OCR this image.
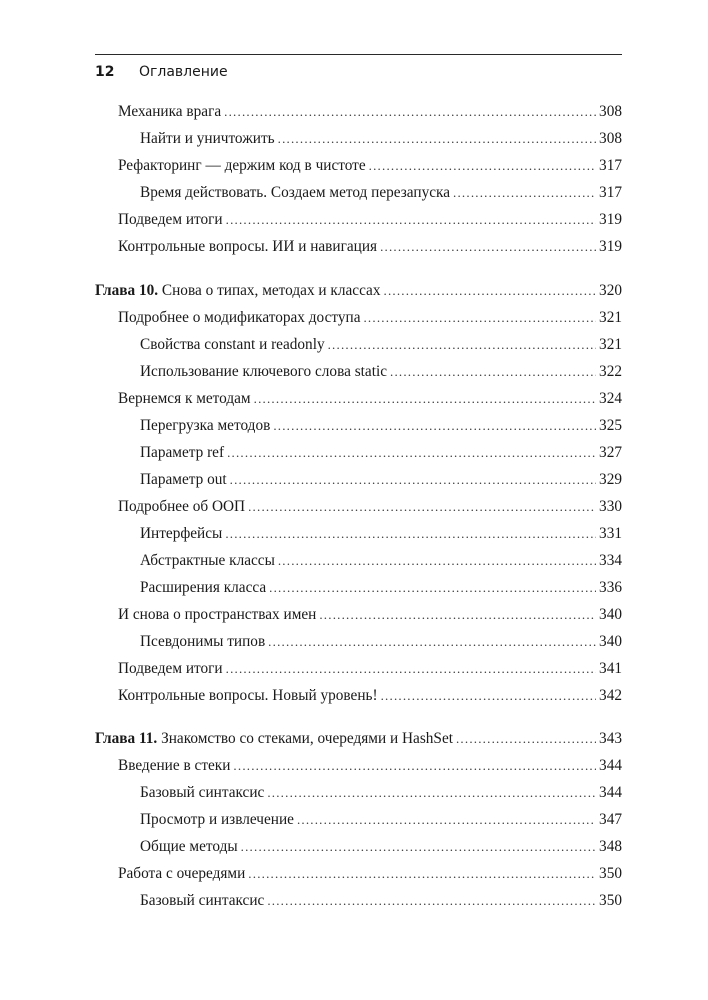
12	Оглавление
Механика врага .....	308
Найти и уничтожить .....	308
Рефакторинг — держим код в чистоте .....	317
Время действовать. Создаем метод перезапуска .....	317
Подведем итоги .....	319
Контрольные вопросы. ИИ и навигация .....	319
Глава 10. Снова о типах, методах и классах .....	320
Подробнее о модификаторах доступа .....	321
Свойства constant и readonly .....	321
Использование ключевого слова static .....	322
Вернемся к методам .....	324
Перегрузка методов .....	325
Параметр ref .....	327
Параметр out .....	329
Подробнее об ООП .....	330
Интерфейсы .....	331
Абстрактные классы .....	334
Расширения класса .....	336
И снова о пространствах имен .....	340
Псевдонимы типов .....	340
Подведем итоги .....	341
Контрольные вопросы. Новый уровень! .....	342
Глава 11. Знакомство со стеками, очередями и HashSet .....	343
Введение в стеки .....	344
Базовый синтаксис .....	344
Просмотр и извлечение .....	347
Общие методы .....	348
Работа с очередями .....	350
Базовый синтаксис .....	350
